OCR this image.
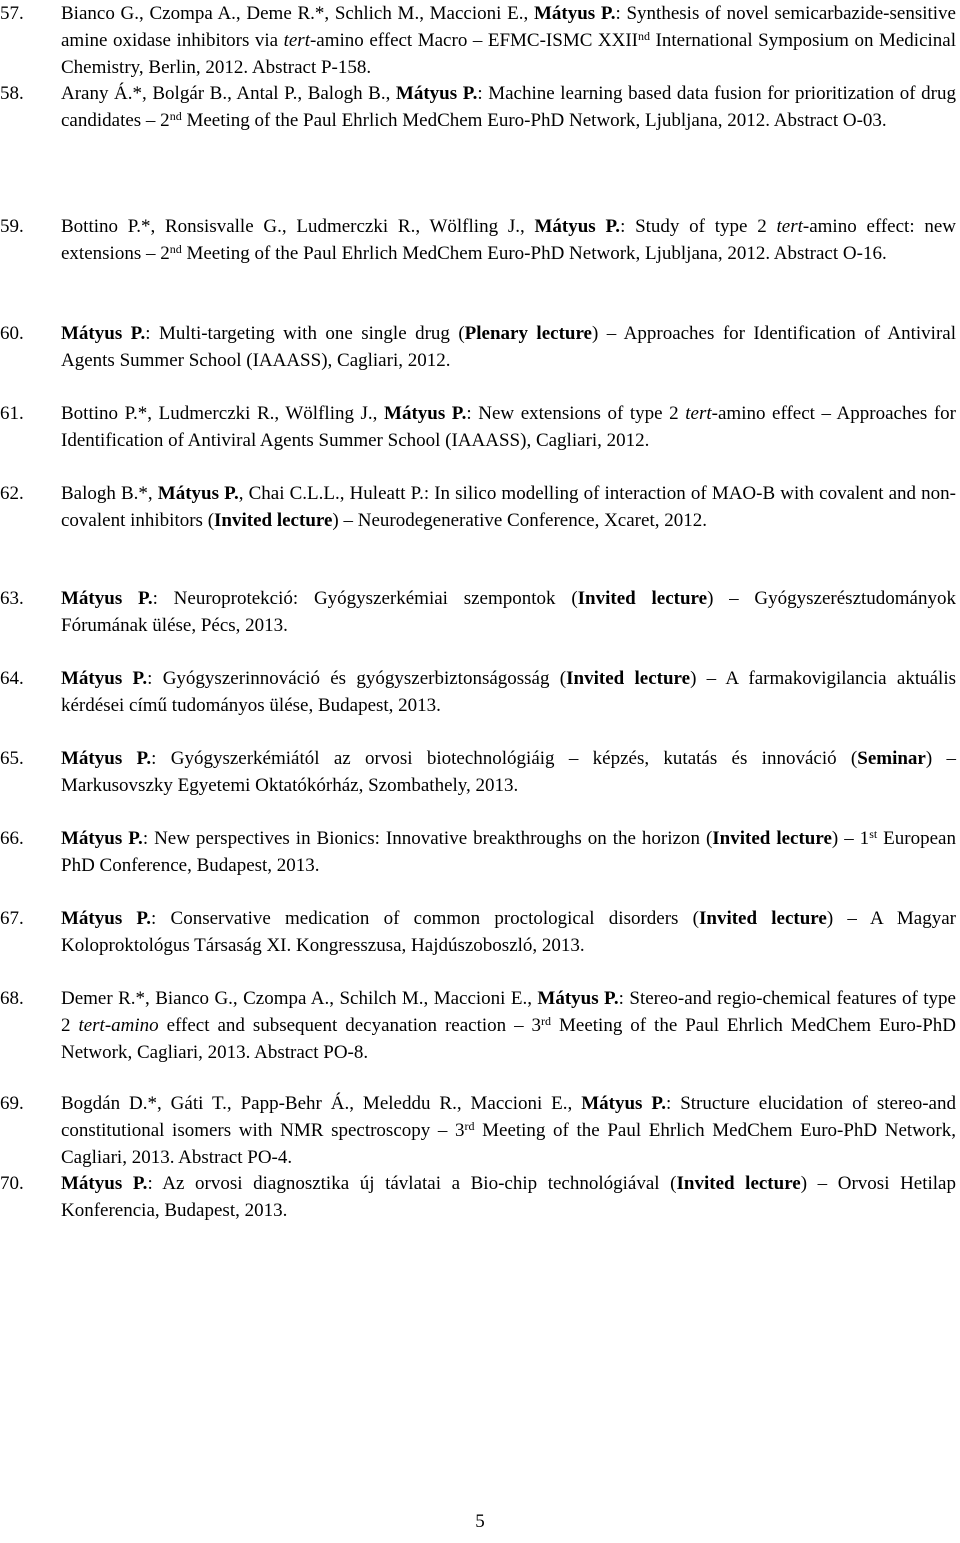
57. Bianco G., Czompa A., Deme R.*, Schlich M., Maccioni E., Mátyus P.: Synthesis of novel semicarbazide-sensitive amine oxidase inhibitors via tert-amino effect Macro – EFMC-ISMC XXIInd International Symposium on Medicinal Chemistry, Berlin, 2012. Abstract P-158.
58. Arany Á.*, Bolgár B., Antal P., Balogh B., Mátyus P.: Machine learning based data fusion for prioritization of drug candidates – 2nd Meeting of the Paul Ehrlich MedChem Euro-PhD Network, Ljubljana, 2012. Abstract O-03.
59. Bottino P.*, Ronsisvalle G., Ludmerczki R., Wölfling J., Mátyus P.: Study of type 2 tert-amino effect: new extensions – 2nd Meeting of the Paul Ehrlich MedChem Euro-PhD Network, Ljubljana, 2012. Abstract O-16.
60. Mátyus P.: Multi-targeting with one single drug (Plenary lecture) – Approaches for Identification of Antiviral Agents Summer School (IAAASS), Cagliari, 2012.
61. Bottino P.*, Ludmerczki R., Wölfling J., Mátyus P.: New extensions of type 2 tert-amino effect – Approaches for Identification of Antiviral Agents Summer School (IAAASS), Cagliari, 2012.
62. Balogh B.*, Mátyus P., Chai C.L.L., Huleatt P.: In silico modelling of interaction of MAO-B with covalent and non-covalent inhibitors (Invited lecture) – Neurodegenerative Conference, Xcaret, 2012.
63. Mátyus P.: Neuroprotekció: Gyógyszerkémiai szempontok (Invited lecture) – Gyógyszerésztudományok Fórumának ülése, Pécs, 2013.
64. Mátyus P.: Gyógyszerinnováció és gyógyszerbiztonságosság (Invited lecture) – A farmakovigilancia aktuális kérdései című tudományos ülése, Budapest, 2013.
65. Mátyus P.: Gyógyszerkémiától az orvosi biotechnológiáig – képzés, kutatás és innováció (Seminar) – Markusovszky Egyetemi Oktatókórház, Szombathely, 2013.
66. Mátyus P.: New perspectives in Bionics: Innovative breakthroughs on the horizon (Invited lecture) – 1st European PhD Conference, Budapest, 2013.
67. Mátyus P.: Conservative medication of common proctological disorders (Invited lecture) – A Magyar Koloproktológus Társaság XI. Kongresszusa, Hajdúszoboszló, 2013.
68. Demer R.*, Bianco G., Czompa A., Schilch M., Maccioni E., Mátyus P.: Stereo-and regio-chemical features of type 2 tert-amino effect and subsequent decyanation reaction – 3rd Meeting of the Paul Ehrlich MedChem Euro-PhD Network, Cagliari, 2013. Abstract PO-8.
69. Bogdán D.*, Gáti T., Papp-Behr Á., Meleddu R., Maccioni E., Mátyus P.: Structure elucidation of stereo-and constitutional isomers with NMR spectroscopy – 3rd Meeting of the Paul Ehrlich MedChem Euro-PhD Network, Cagliari, 2013. Abstract PO-4.
70. Mátyus P.: Az orvosi diagnosztika új távlatai a Bio-chip technológiával (Invited lecture) – Orvosi Hetilap Konferencia, Budapest, 2013.
5
